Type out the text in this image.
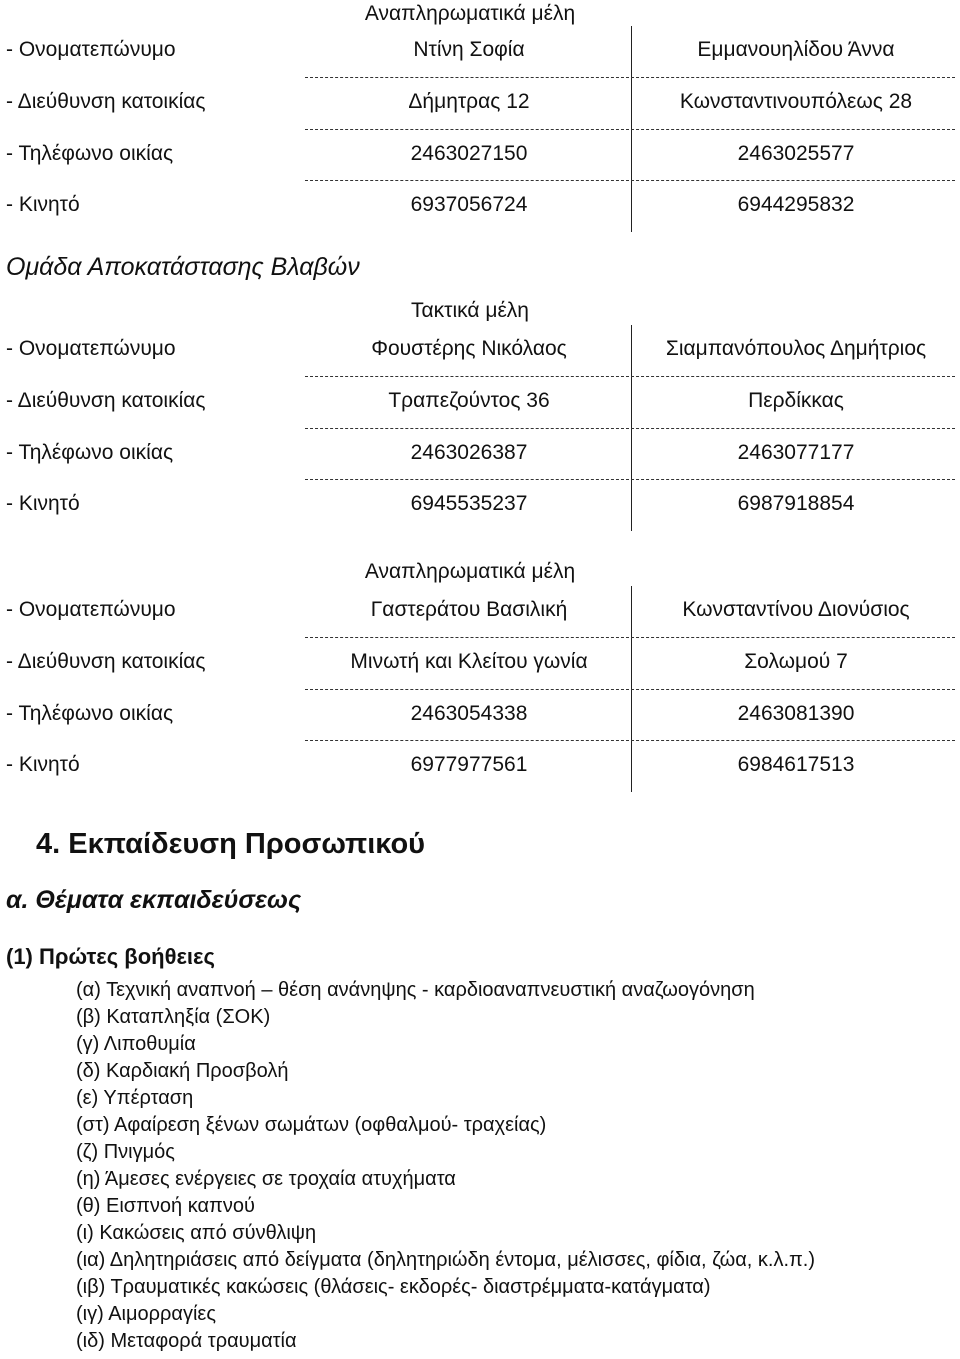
Αναπληρωματικά μέλη
- Ονοματεπώνυμο	Ντίνη Σοφία	Εμμανουηλίδου Άννα
- Διεύθυνση κατοικίας	Δήμητρας 12	Κωνσταντινουπόλεως 28
- Τηλέφωνο οικίας	2463027150	2463025577
- Κινητό	6937056724	6944295832
Ομάδα Αποκατάστασης Βλαβών
Τακτικά μέλη
- Ονοματεπώνυμο	Φουστέρης Νικόλαος	Σιαμπανόπουλος Δημήτριος
- Διεύθυνση κατοικίας	Τραπεζούντος 36	Περδίκκας
- Τηλέφωνο οικίας	2463026387	2463077177
- Κινητό	6945535237	6987918854
Αναπληρωματικά μέλη
- Ονοματεπώνυμο	Γαστεράτου Βασιλική	Κωνσταντίνου Διονύσιος
- Διεύθυνση κατοικίας	Μινωτή και Κλείτου γωνία	Σολωμού 7
- Τηλέφωνο οικίας	2463054338	2463081390
- Κινητό	6977977561	6984617513
4. Εκπαίδευση Προσωπικού
α. Θέματα εκπαιδεύσεως
(1) Πρώτες βοήθειες
(α) Τεχνική αναπνοή – θέση ανάνηψης - καρδιοαναπνευστική αναζωογόνηση
(β) Καταπληξία (ΣΟΚ)
(γ) Λιποθυμία
(δ) Καρδιακή Προσβολή
(ε) Υπέρταση
(στ) Αφαίρεση ξένων σωμάτων (οφθαλμού- τραχείας)
(ζ) Πνιγμός
(η) Άμεσες ενέργειες σε τροχαία ατυχήματα
(θ) Εισπνοή καπνού
(ι) Κακώσεις από σύνθλιψη
(ια) Δηλητηριάσεις από δείγματα (δηλητηριώδη έντομα, μέλισσες, φίδια, ζώα, κ.λ.π.)
(ιβ) Τραυματικές κακώσεις (θλάσεις- εκδορές- διαστρέμματα-κατάγματα)
(ιγ) Αιμορραγίες
(ιδ) Μεταφορά τραυματία
